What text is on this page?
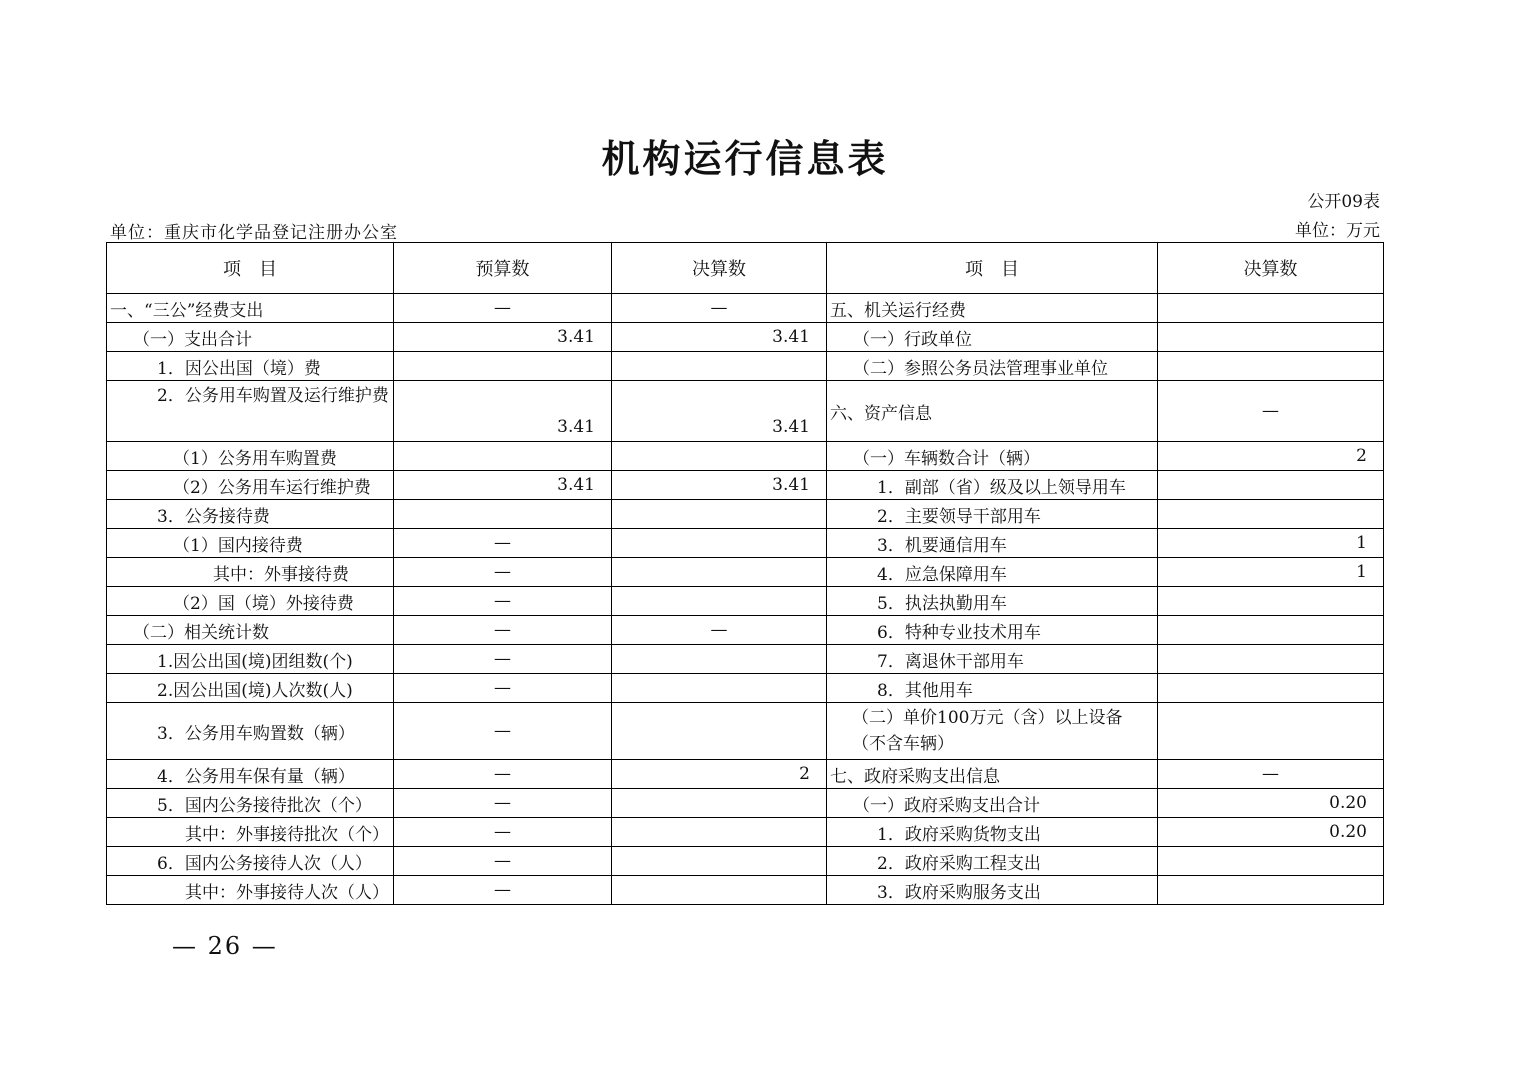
机构运行信息表
公开09表
单位：重庆市化学品登记注册办公室	单位：万元
项　目	预算数	决算数	项　目	决算数
一、“三公”经费支出	—	—	五、机关运行经费	
（一）支出合计	3.41	3.41	（一）行政单位	
1．因公出国（境）费			（二）参照公务员法管理事业单位	

2．公务用车购置及运行维护费	3.41	3.41	六、资产信息	—
（1）公务用车购置费			（一）车辆数合计（辆）	2
（2）公务用车运行维护费	3.41	3.41	1．副部（省）级及以上领导用车	
3．公务接待费			2．主要领导干部用车	
（1）国内接待费	—		3．机要通信用车	1
其中：外事接待费	—		4．应急保障用车	1
（2）国（境）外接待费	—		5．执法执勤用车	
（二）相关统计数	—	—	6．特种专业技术用车	
1.因公出国(境)团组数(个)	—		7．离退休干部用车	
2.因公出国(境)人次数(人)	—		8．其他用车	
3．公务用车购置数（辆）	—		（二）单价100万元（含）以上设备（不含车辆）	

4．公务用车保有量（辆）	—	2	七、政府采购支出信息	—
5．国内公务接待批次（个）	—		（一）政府采购支出合计	0.20
其中：外事接待批次（个）	—		1．政府采购货物支出	0.20
6．国内公务接待人次（人）	—		2．政府采购工程支出	
其中：外事接待人次（人）	—		3．政府采购服务支出	
— 26 —
